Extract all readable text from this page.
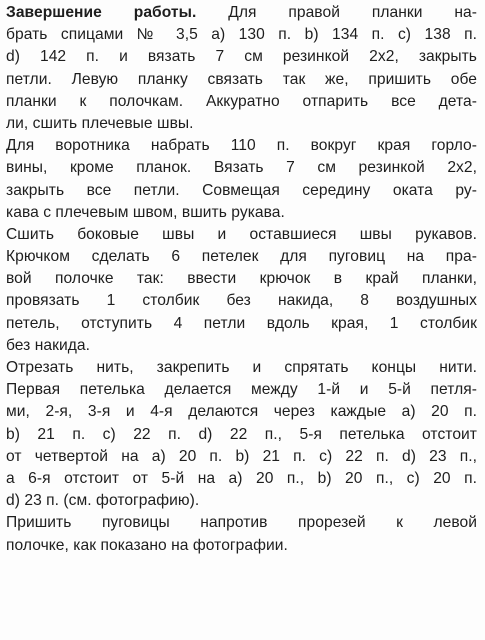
Завершение работы. Для правой планки на-
брать спицами № 3,5 а) 130 п. b) 134 п. с) 138 п.
d) 142 п. и вязать 7 см резинкой 2х2, закрыть
петли. Левую планку связать так же, пришить обе
планки к полочкам. Аккуратно отпарить все дета-
ли, сшить плечевые швы.
Для воротника набрать 110 п. вокруг края горло-
вины, кроме планок. Вязать 7 см резинкой 2х2,
закрыть все петли. Совмещая середину оката ру-
кава с плечевым швом, вшить рукава.
Сшить боковые швы и оставшиеся швы рукавов.
Крючком сделать 6 петелек для пуговиц на пра-
вой полочке так: ввести крючок в край планки,
провязать 1 столбик без накида, 8 воздушных
петель, отступить 4 петли вдоль края, 1 столбик
без накида.
Отрезать нить, закрепить и спрятать концы нити.
Первая петелька делается между 1-й и 5-й петля-
ми, 2-я, 3-я и 4-я делаются через каждые а) 20 п.
b) 21 п. с) 22 п. d) 22 п., 5-я петелька отстоит
от четвертой на а) 20 п. b) 21 п. с) 22 п. d) 23 п.,
а 6-я отстоит от 5-й на а) 20 п., b) 20 п., с) 20 п.
d) 23 п. (см. фотографию).
Пришить пуговицы напротив прорезей к левой
полочке, как показано на фотографии.
